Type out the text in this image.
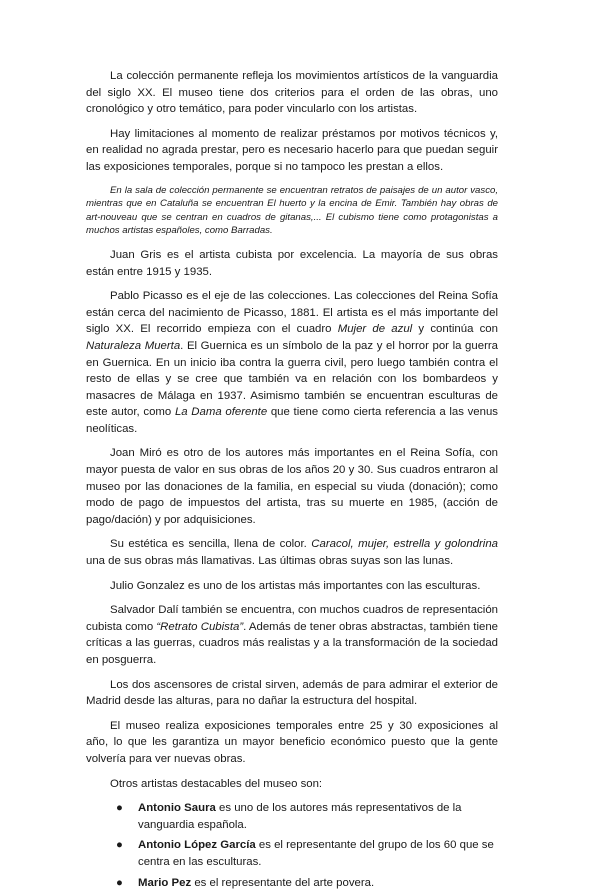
La colección permanente refleja los movimientos artísticos de la vanguardia del siglo XX. El museo tiene dos criterios para el orden de las obras, uno cronológico y otro temático, para poder vincularlo con los artistas.

Hay limitaciones al momento de realizar préstamos por motivos técnicos y, en realidad no agrada prestar, pero es necesario hacerlo para que puedan seguir las exposiciones temporales, porque si no tampoco les prestan a ellos.

En la sala de colección permanente se encuentran retratos de paisajes de un autor vasco, mientras que en Cataluña se encuentran El huerto y la encina de Emir. También hay obras de art-nouveau que se centran en cuadros de gitanas,... El cubismo tiene como protagonistas a muchos artistas españoles, como Barradas.

Juan Gris es el artista cubista por excelencia. La mayoría de sus obras están entre 1915 y 1935.

Pablo Picasso es el eje de las colecciones. Las colecciones del Reina Sofía están cerca del nacimiento de Picasso, 1881. El artista es el más importante del siglo XX. El recorrido empieza con el cuadro Mujer de azul y continúa con Naturaleza Muerta. El Guernica es un símbolo de la paz y el horror por la guerra en Guernica. En un inicio iba contra la guerra civil, pero luego también contra el resto de ellas y se cree que también va en relación con los bombardeos y masacres de Málaga en 1937. Asimismo también se encuentran esculturas de este autor, como La Dama oferente que tiene como cierta referencia a las venus neolíticas.

Joan Miró es otro de los autores más importantes en el Reina Sofía, con mayor puesta de valor en sus obras de los años 20 y 30. Sus cuadros entraron al museo por las donaciones de la familia, en especial su viuda (donación); como modo de pago de impuestos del artista, tras su muerte en 1985, (acción de pago/dación) y por adquisiciones.

Su estética es sencilla, llena de color. Caracol, mujer, estrella y golondrina una de sus obras más llamativas. Las últimas obras suyas son las lunas.

Julio Gonzalez es uno de los artistas más importantes con las esculturas.

Salvador Dalí también se encuentra, con muchos cuadros de representación cubista como “Retrato Cubista”. Además de tener obras abstractas, también tiene críticas a las guerras, cuadros más realistas y a la transformación de la sociedad en posguerra.

Los dos ascensores de cristal sirven, además de para admirar el exterior de Madrid desde las alturas, para no dañar la estructura del hospital.

El museo realiza exposiciones temporales entre 25 y 30 exposiciones al año, lo que les garantiza un mayor beneficio económico puesto que la gente volvería para ver nuevas obras.

Otros artistas destacables del museo son:

● Antonio Saura es uno de los autores más representativos de la vanguardia española.
● Antonio López García es el representante del grupo de los 60 que se centra en las esculturas.
● Mario Pez es el representante del arte povera.
